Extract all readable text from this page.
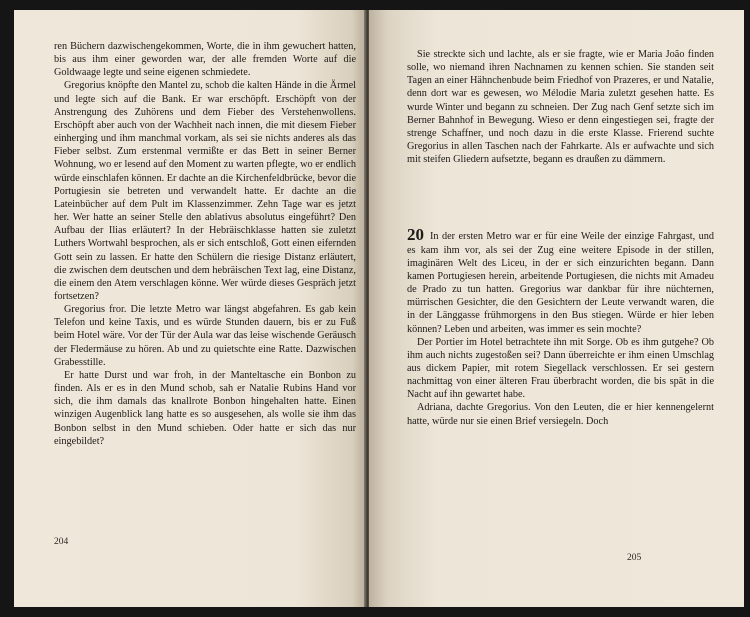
ren Büchern dazwischengekommen, Worte, die in ihm gewuchert hatten, bis aus ihm einer geworden war, der alle fremden Worte auf die Goldwaage legte und seine eigenen schmiedete.

Gregorius knöpfte den Mantel zu, schob die kalten Hände in die Ärmel und legte sich auf die Bank. Er war erschöpft. Erschöpft von der Anstrengung des Zuhörens und dem Fieber des Verstehenwollens. Erschöpft aber auch von der Wachheit nach innen, die mit diesem Fieber einherging und ihm manchmal vorkam, als sei sie nichts anderes als das Fieber selbst. Zum erstenmal vermißte er das Bett in seiner Berner Wohnung, wo er lesend auf den Moment zu warten pflegte, wo er endlich würde einschlafen können. Er dachte an die Kirchenfeldbrücke, bevor die Portugiesin sie betreten und verwandelt hatte. Er dachte an die Lateinbücher auf dem Pult im Klassenzimmer. Zehn Tage war es jetzt her. Wer hatte an seiner Stelle den ablativus absolutus eingeführt? Den Aufbau der Ilias erläutert? In der Hebräischklasse hatten sie zuletzt Luthers Wortwahl besprochen, als er sich entschloß, Gott einen eifernden Gott sein zu lassen. Er hatte den Schülern die riesige Distanz erläutert, die zwischen dem deutschen und dem hebräischen Text lag, eine Distanz, die einem den Atem verschlagen könne. Wer würde dieses Gespräch jetzt fortsetzen?

Gregorius fror. Die letzte Metro war längst abgefahren. Es gab kein Telefon und keine Taxis, und es würde Stunden dauern, bis er zu Fuß beim Hotel wäre. Vor der Tür der Aula war das leise wischende Geräusch der Fledermäuse zu hören. Ab und zu quietschte eine Ratte. Dazwischen Grabesstille.

Er hatte Durst und war froh, in der Manteltasche ein Bonbon zu finden. Als er es in den Mund schob, sah er Natalie Rubins Hand vor sich, die ihm damals das knallrote Bonbon hingehalten hatte. Einen winzigen Augenblick lang hatte es so ausgesehen, als wolle sie ihm das Bonbon selbst in den Mund schieben. Oder hatte er sich das nur eingebildet?

204

Sie streckte sich und lachte, als er sie fragte, wie er Maria João finden solle, wo niemand ihren Nachnamen zu kennen schien. Sie standen seit Tagen an einer Hähnchenbude beim Friedhof von Prazeres, er und Natalie, denn dort war es gewesen, wo Mélodie Maria zuletzt gesehen hatte. Es wurde Winter und begann zu schneien. Der Zug nach Genf setzte sich im Berner Bahnhof in Bewegung. Wieso er denn eingestiegen sei, fragte der strenge Schaffner, und noch dazu in die erste Klasse. Frierend suchte Gregorius in allen Taschen nach der Fahrkarte. Als er aufwachte und sich mit steifen Gliedern aufsetzte, begann es draußen zu dämmern.

20 In der ersten Metro war er für eine Weile der einzige Fahrgast, und es kam ihm vor, als sei der Zug eine weitere Episode in der stillen, imaginären Welt des Liceu, in der er sich einzurichten begann. Dann kamen Portugiesen herein, arbeitende Portugiesen, die nichts mit Amadeu de Prado zu tun hatten. Gregorius war dankbar für ihre nüchternen, mürrischen Gesichter, die den Gesichtern der Leute verwandt waren, die in der Länggasse frühmorgens in den Bus stiegen. Würde er hier leben können? Leben und arbeiten, was immer es sein mochte?

Der Portier im Hotel betrachtete ihn mit Sorge. Ob es ihm gutgehe? Ob ihm auch nichts zugestoßen sei? Dann überreichte er ihm einen Umschlag aus dickem Papier, mit rotem Siegellack verschlossen. Er sei gestern nachmittag von einer älteren Frau überbracht worden, die bis spät in die Nacht auf ihn gewartet habe.

Adriana, dachte Gregorius. Von den Leuten, die er hier kennengelernt hatte, würde nur sie einen Brief versiegeln. Doch

205
